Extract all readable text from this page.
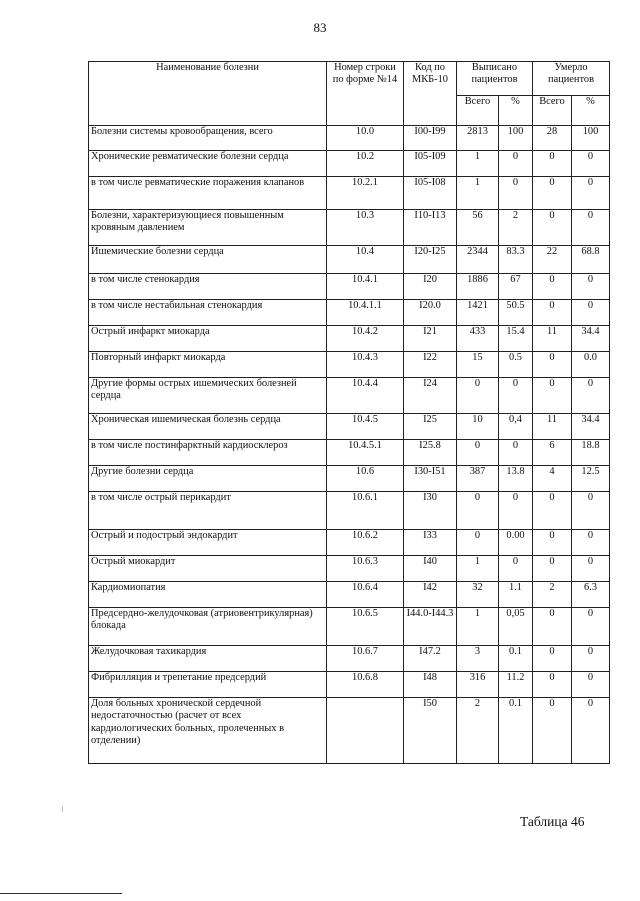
83
Наименование болезни	Номер строки по форме №14	Код по МКБ-10	Выписано пациентов		Умерло пациентов	
			Всего	%	Всего	%
Болезни системы кровообращения, всего	10.0	I00-I99	2813	100	28	100
Хронические ревматические болезни сердца	10.2	I05-I09	1	0	0	0
в том числе ревматические поражения клапанов	10.2.1	I05-I08	1	0	0	0
Болезни, характеризующиеся повышенным кровяным давлением	10.3	I10-I13	56	2	0	0
Ишемические болезни сердца	10.4	I20-I25	2344	83.3	22	68.8
в том числе стенокардия	10.4.1	I20	1886	67	0	0
в том числе нестабильная стенокардия	10.4.1.1	I20.0	1421	50.5	0	0
Острый инфаркт миокарда	10.4.2	I21	433	15.4	11	34.4
Повторный инфаркт миокарда	10.4.3	I22	15	0.5	0	0.0
Другие формы острых ишемических болезней сердца	10.4.4	I24	0	0	0	0
Хроническая ишемическая болезнь сердца	10.4.5	I25	10	0,4	11	34.4
в том числе постинфарктный кардиосклероз	10.4.5.1	I25.8	0	0	6	18.8
Другие болезни сердца	10.6	I30-I51	387	13.8	4	12.5
в том числе острый перикардит	10.6.1	I30	0	0	0	0
Острый и подострый эндокардит	10.6.2	I33	0	0.00	0	0
Острый миокардит	10.6.3	I40	1	0	0	0
Кардиомиопатия	10.6.4	I42	32	1.1	2	6.3
Предсердно-желудочковая (атриовентрикулярная) блокада	10.6.5	I44.0-I44.3	1	0,05	0	0
Желудочковая тахикардия	10.6.7	I47.2	3	0.1	0	0
Фибрилляция и трепетание предсердий	10.6.8	I48	316	11.2	0	0
Доля больных хронической сердечной недостаточностью (расчет от всех кардиологических больных, пролеченных в отделении)		I50	2	0.1	0	0
Таблица 46
